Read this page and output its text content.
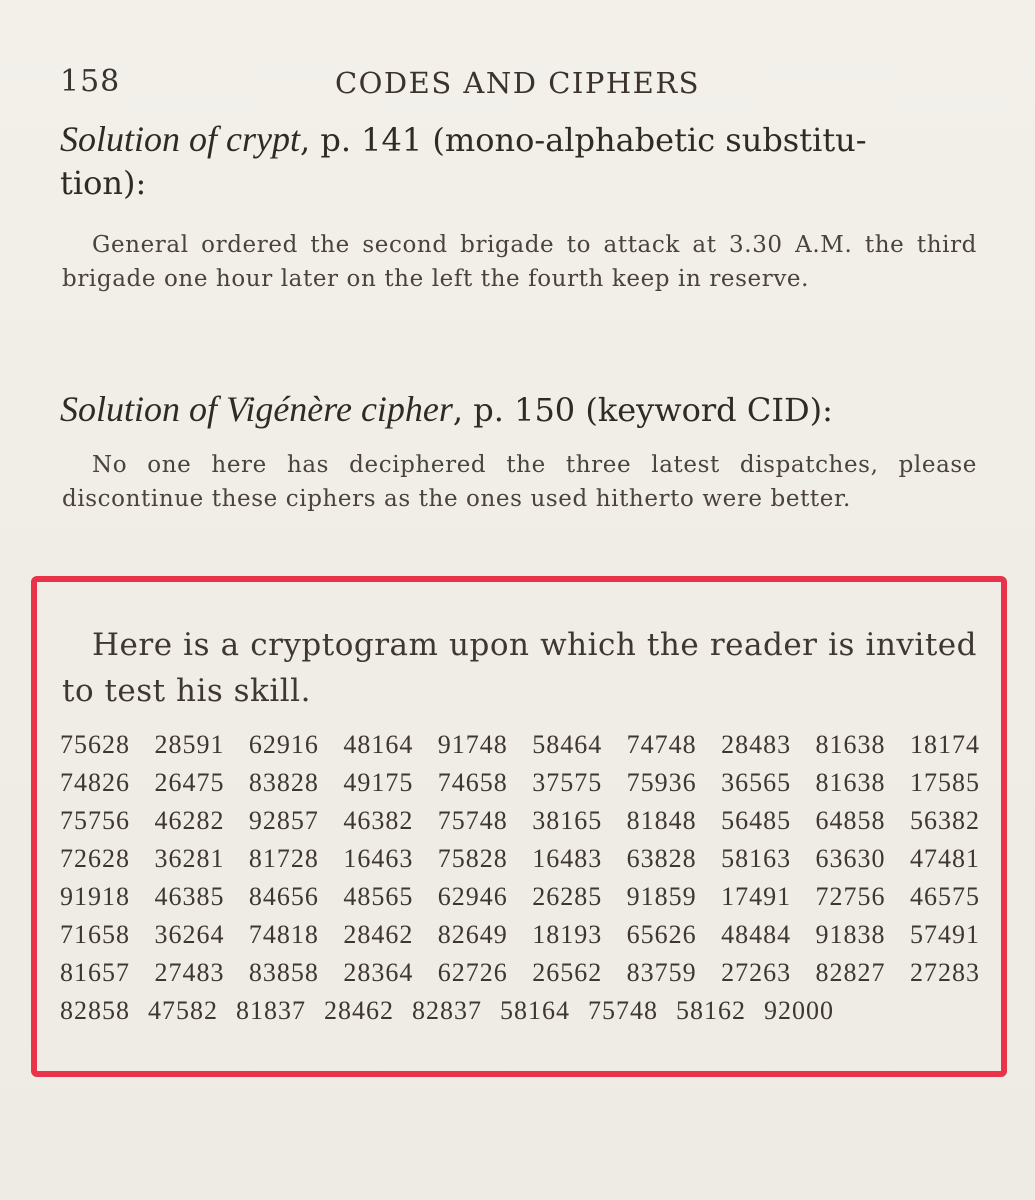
158	CODES AND CIPHERS
Solution of crypt, p. 141 (mono-alphabetic substitu-
tion):
General ordered the second brigade to attack at 3.30 A.M. the third brigade one hour later on the left the fourth keep in reserve.
Solution of Vigénère cipher, p. 150 (keyword CID):
No one here has deciphered the three latest dispatches, please discontinue these ciphers as the ones used hitherto were better.
Here is a cryptogram upon which the reader is invited to test his skill.
75628 28591 62916 48164 91748 58464 74748 28483 81638 18174
74826 26475 83828 49175 74658 37575 75936 36565 81638 17585
75756 46282 92857 46382 75748 38165 81848 56485 64858 56382
72628 36281 81728 16463 75828 16483 63828 58163 63630 47481
91918 46385 84656 48565 62946 26285 91859 17491 72756 46575
71658 36264 74818 28462 82649 18193 65626 48484 91838 57491
81657 27483 83858 28364 62726 26562 83759 27263 82827 27283
82858 47582 81837 28462 82837 58164 75748 58162 92000
